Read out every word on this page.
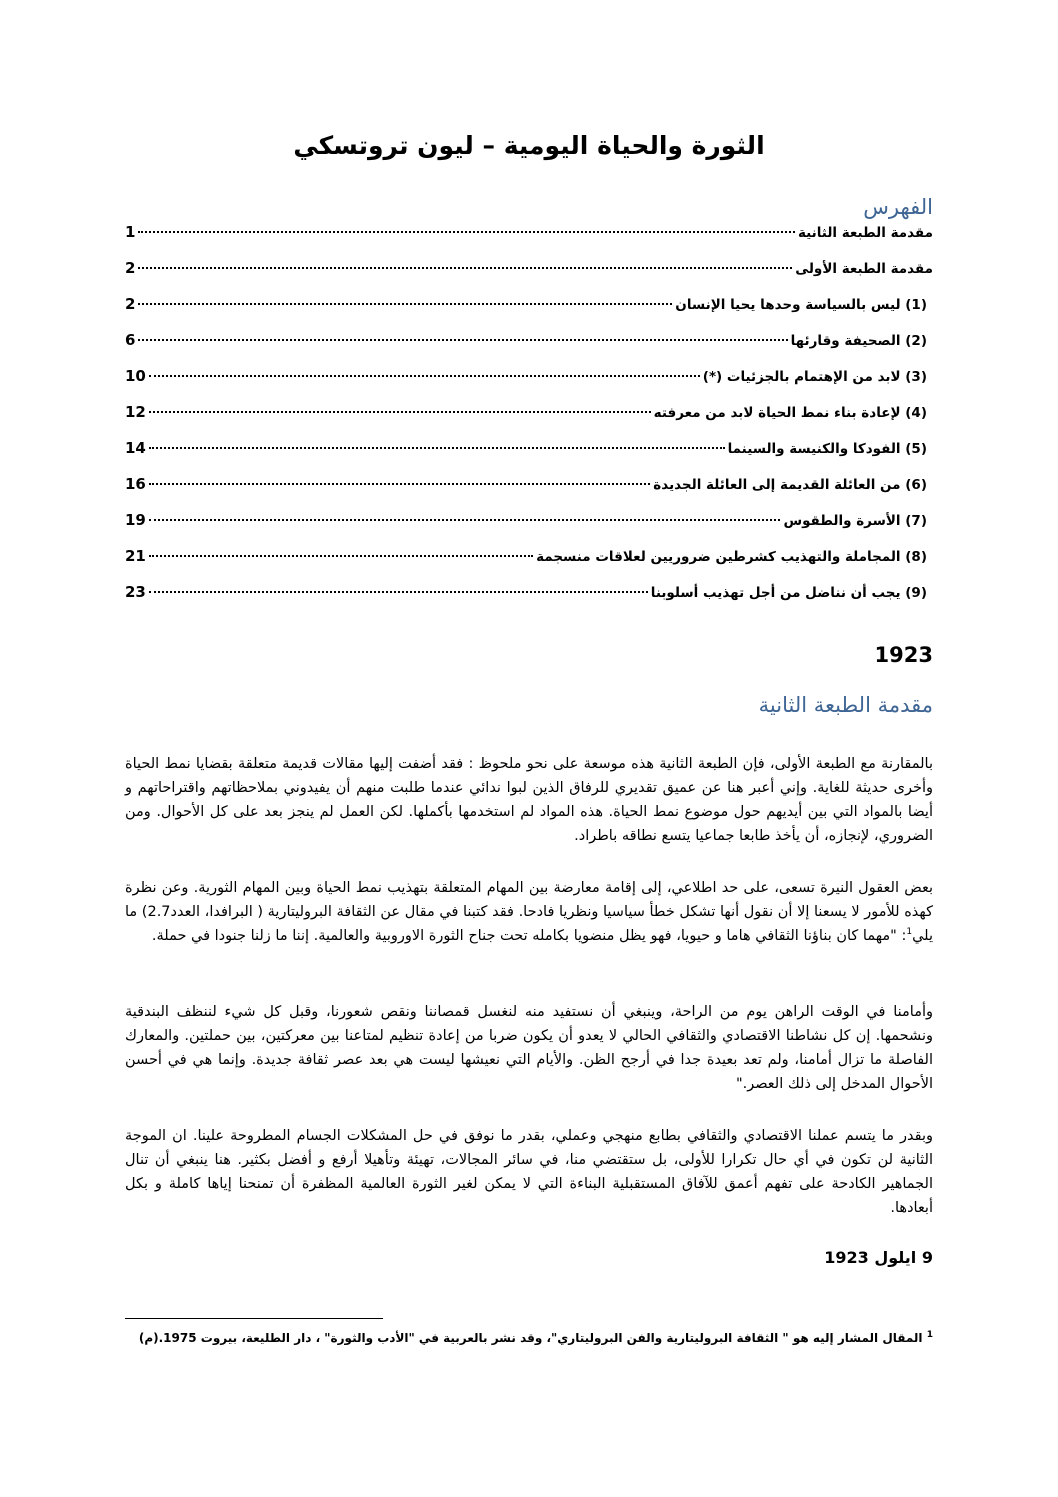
الثورة والحياة اليومية – ليون تروتسكي
الفهرس
مقدمة الطبعة الثانية
1
مقدمة الطبعة الأولى
2
(1) ليس بالسياسة وحدها يحيا الإنسان
2
(2) الصحيفة وقارئها
6
(3) لابد من الإهتمام بالجزئيات (*)
10
(4) لإعادة بناء نمط الحياة لابد من معرفته
12
(5) الفودكا والكنيسة والسينما
14
(6) من العائلة القديمة إلى العائلة الجديدة
16
(7) الأسرة والطقوس
19
(8) المجاملة والتهذيب كشرطين ضروريين لعلاقات منسجمة
21
(9) يجب أن نناضل من أجل تهذيب أسلوبنا
23
1923
مقدمة الطبعة الثانية

بالمقارنة مع الطبعة الأولى، فإن الطبعة الثانية هذه موسعة على نحو ملحوظ : فقد أضفت إليها مقالات قديمة متعلقة بقضايا نمط الحياة وأخرى حديثة للغاية. وإني أعبر هنا عن عميق تقديري للرفاق الذين لبوا ندائي عندما طلبت منهم أن يفيدوني بملاحظاتهم واقتراحاتهم و أيضا بالمواد التي بين أيديهم حول موضوع نمط الحياة. هذه المواد لم استخدمها بأكملها. لكن العمل لم ينجز بعد على كل الأحوال. ومن الضروري، لإنجازه، أن يأخذ طابعا جماعيا يتسع نطاقه باطراد.

بعض العقول النيرة تسعى، على حد اطلاعي، إلى إقامة معارضة بين المهام المتعلقة بتهذيب نمط الحياة وبين المهام الثورية. وعن نظرة كهذه للأمور لا يسعنا إلا أن نقول أنها تشكل خطأ سياسيا ونظريا فادحا. فقد كتبنا في مقال عن الثقافة البروليتارية ( البرافدا، العدد2.7) ما يلي$^1$: "مهما كان بناؤنا الثقافي هاما و حيويا، فهو يظل منضويا بكامله تحت جناح الثورة الاوروبية والعالمية. إننا ما زلنا جنودا في حملة.

وأمامنا في الوقت الراهن يوم من الراحة، وينبغي أن نستفيد منه لنغسل قمصاننا ونقص شعورنا، وقبل كل شيء لننظف البندقية ونشحمها. إن كل نشاطنا الاقتصادي والثقافي الحالي لا يعدو أن يكون ضربا من إعادة تنظيم لمتاعنا بين معركتين، بين حملتين. والمعارك الفاصلة ما تزال أمامنا، ولم تعد بعيدة جدا في أرجح الظن. والأيام التي نعيشها ليست هي بعد عصر ثقافة جديدة. وإنما هي في أحسن الأحوال المدخل إلى ذلك العصر."

وبقدر ما يتسم عملنا الاقتصادي والثقافي بطابع منهجي وعملي، بقدر ما نوفق في حل المشكلات الجسام المطروحة علينا. ان الموجة الثانية لن تكون في أي حال تكرارا للأولى، بل ستقتضي منا، في سائر المجالات، تهيئة وتأهيلا أرفع و أفضل بكثير. هنا ينبغي أن تنال الجماهير الكادحة على تفهم أعمق للآفاق المستقبلية البناءة التي لا يمكن لغير الثورة العالمية المظفرة أن تمنحنا إياها كاملة و بكل أبعادها.

9 ايلول 1923
$^1$ المقال المشار إليه هو " الثقافة البروليتارية والفن البروليتاري"، وقد نشر بالعربية في "الأدب والثورة" ، دار الطليعة، بيروت 1975.(م)
